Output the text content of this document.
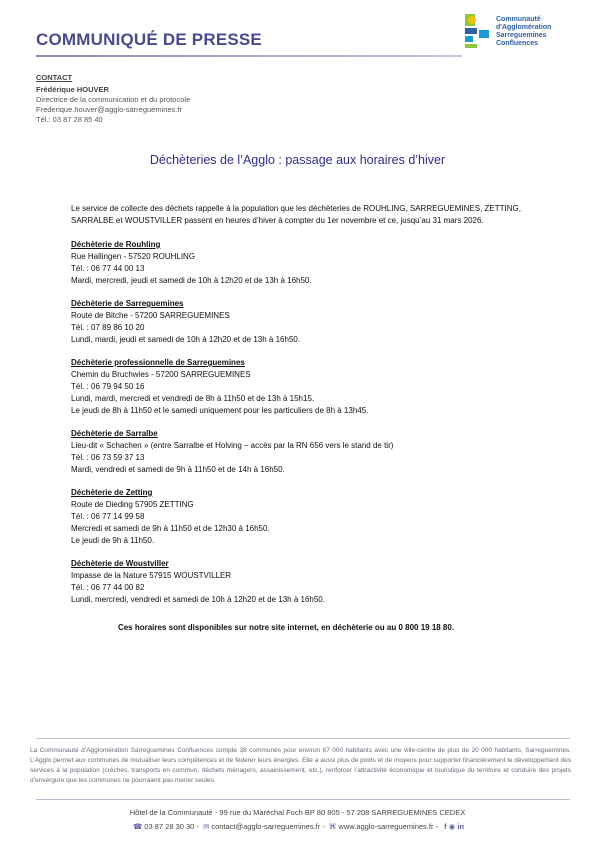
COMMUNIQUÉ DE PRESSE
Communauté
d'Agglomération
Sarreguemines
Confluences
CONTACT
Frédérique HOUVER
Directrice de la communication et du protocole
Frederique.houver@agglo-sarreguemines.fr
Tél.: 03 87 28 85 40
Déchèteries de l’Agglo : passage aux horaires d’hiver

Le service de collecte des déchets rappelle à la population que les déchèteries de ROUHLING, SARREGUEMINES, ZETTING, SARRALBE et WOUSTVILLER passent en heures d’hiver à compter du 1er novembre et ce, jusqu’au 31 mars 2026.

Déchèterie de Rouhling
Rue Hallingen - 57520 ROUHLING
Tél. : 06 77 44 00 13
Mardi, mercredi, jeudi et samedi de 10h à 12h20 et de 13h à 16h50.
Déchèterie de Sarreguemines
Route de Bitche - 57200 SARREGUEMINES
Tél. : 07 89 86 10 20
Lundi, mardi, jeudi et samedi de 10h à 12h20 et de 13h à 16h50.
Déchèterie professionnelle de Sarreguemines
Chemin du Bruchwies - 57200 SARREGUEMINES
Tél. : 06 79 94 50 16
Lundi, mardi, mercredi et vendredi de 8h à 11h50 et de 13h à 15h15.
Le jeudi de 8h à 11h50 et le samedi uniquement pour les particuliers de 8h à 13h45.
Déchèterie de Sarralbe
Lieu-dit « Schachen » (entre Sarralbe et Holving – accès par la RN 656 vers le stand de tir)
Tél. : 06 73 59 37 13
Mardi, vendredi et samedi de 9h à 11h50 et de 14h à 16h50.
Déchèterie de Zetting
Route de Dieding 57905 ZETTING
Tél. : 06 77 14 99 58
Mercredi et samedi de 9h à 11h50 et de 12h30 à 16h50.
Le jeudi de 9h à 11h50.
Déchèterie de Woustviller
Impasse de la Nature 57915 WOUSTVILLER
Tél. : 06 77 44 00 82
Lundi, mercredi, vendredi et samedi de 10h à 12h20 et de 13h à 16h50.
Ces horaires sont disponibles sur notre site internet, en déchèterie ou au 0 800 19 18 80.
La Communauté d’Agglomération Sarreguemines Confluences compte 38 communes pour environ 67 000 habitants avec une ville-centre de plus de 20 000 habitants, Sarreguemines. L’Agglo permet aux communes de mutualiser leurs compétences et de fédérer leurs énergies. Elle a aussi plus de poids et de moyens pour supporter financièrement le développement des services à la population (crèches, transports en commun, déchets ménagers, assainissement, etc.), renforcer l’attractivité économique et touristique du territoire et conduire des projets d’envergure que les communes ne pourraient pas mener seules.
Hôtel de la Communauté - 99 rue du Maréchal Foch BP 80 805 - 57 208 SARREGUEMINES CEDEX
☎ 03 87 28 30 30 - ✉ contact@agglo-sarreguemines.fr - ⌘ www.agglo-sarreguemines.fr - f ◉ in
